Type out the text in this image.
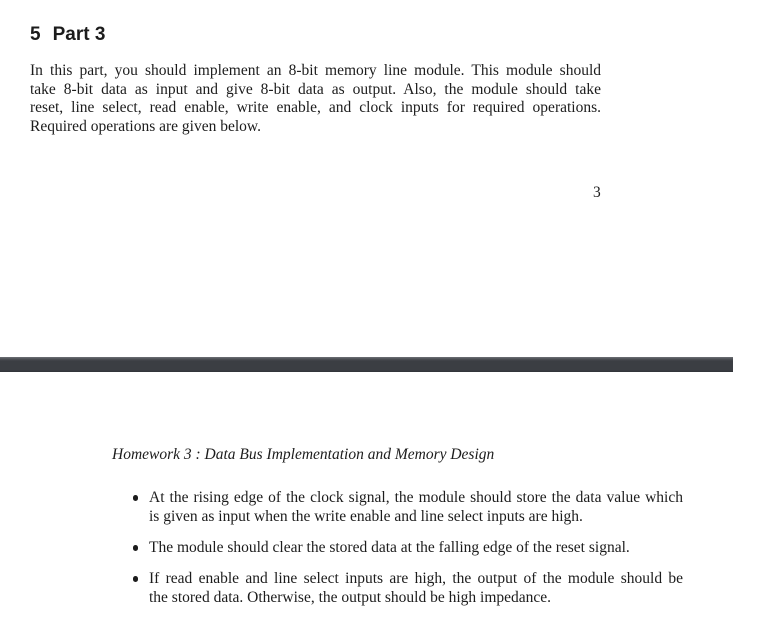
5 Part 3
In this part, you should implement an 8-bit memory line module. This module should
take 8-bit data as input and give 8-bit data as output. Also, the module should take
reset, line select, read enable, write enable, and clock inputs for required operations.
Required operations are given below.
3
Homework 3 : Data Bus Implementation and Memory Design
At the rising edge of the clock signal, the module should store the data value which
is given as input when the write enable and line select inputs are high.
The module should clear the stored data at the falling edge of the reset signal.
If read enable and line select inputs are high, the output of the module should be
the stored data. Otherwise, the output should be high impedance.
